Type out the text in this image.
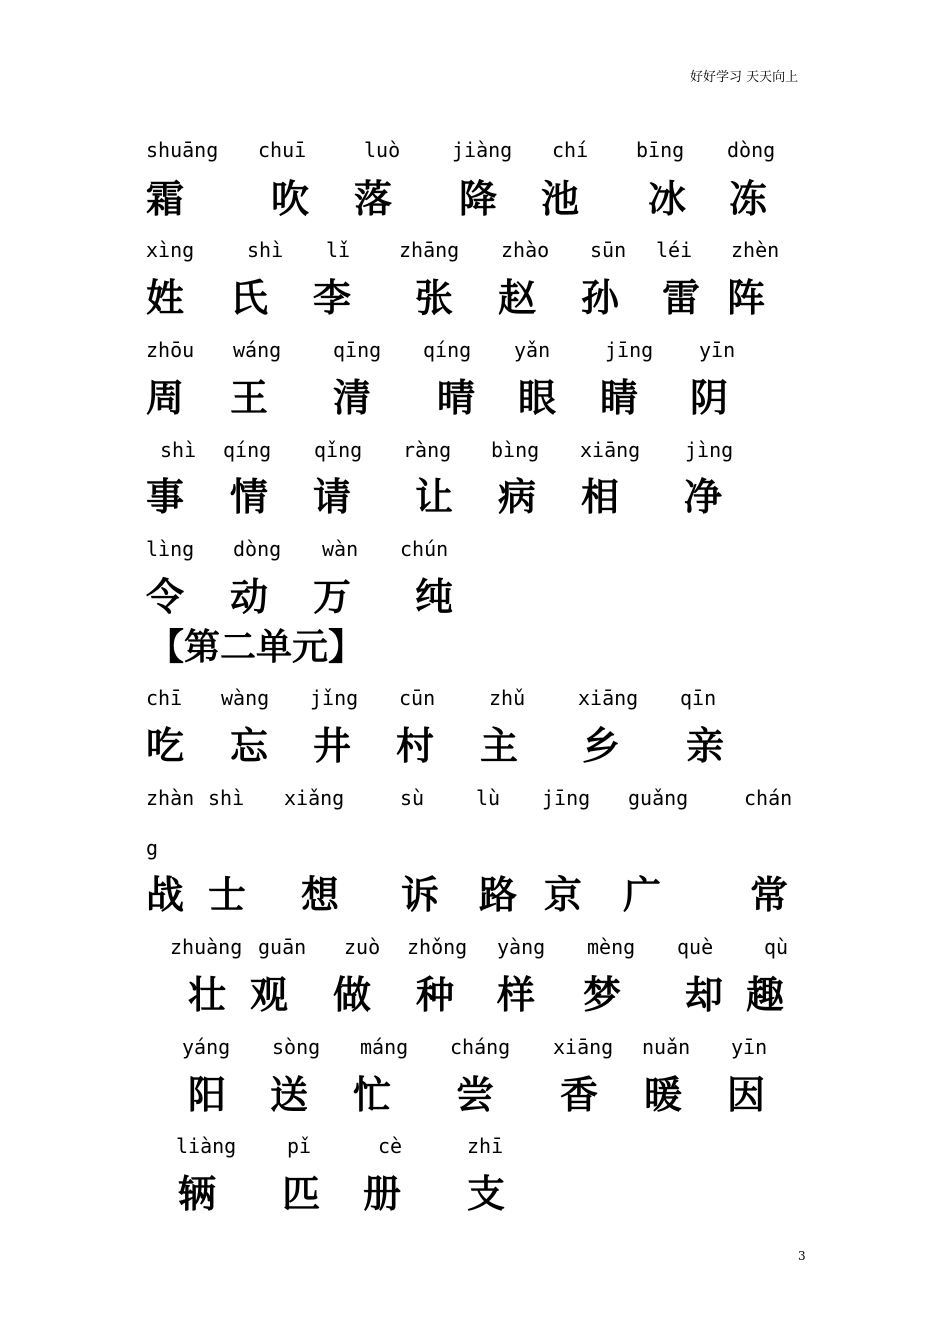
好好学习 天天向上
shuāng chuī	luò	jiàng chí bīng dòng
霜 吹 落 降 池 冰 冻
xìng	shì lǐ zhāng zhào sūn léi zhèn
姓 氏 李 张 赵 孙 雷 阵
zhōu wáng	qīng qíng yǎn	jīng yīn
周 王 清 晴 眼 睛 阴
shì qíng qǐng ràng bìng xiāng jìng
事 情 请 让 病 相 净
lìng dòng wàn chún
令 动 万 纯
chī wàng jǐng cūn	zhǔ	xiāng qīn
吃 忘 井 村 主 乡 亲
zhàn shì xiǎng	sù	lù jīng guǎng	chán
g
战 士 想 诉 路 京 广 常
zhuàng guān zuò zhǒng yàng mèng què	qù
壮 观 做 种 样 梦 却 趣
yáng sòng máng cháng xiāng nuǎn yīn
阳 送 忙 尝 香 暖 因
liàng	pǐ	cè	zhī
辆 匹 册 支
【第二单元】
3
